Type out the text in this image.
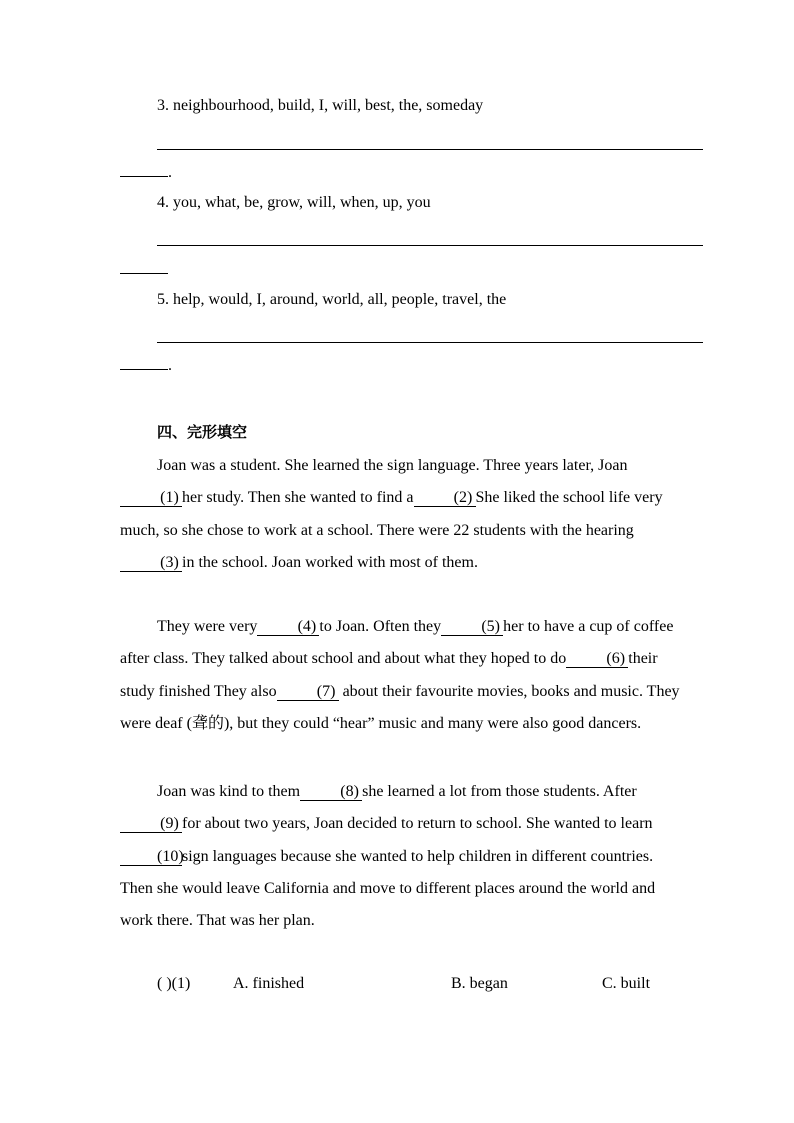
3. neighbourhood, build, I, will, best, the, someday
.
4. you, what, be, grow, will, when, up, you
5. help, would, I, around, world, all, people, travel, the
.
四、完形填空

Joan was a student. She learned the sign language. Three years later, Joan(1) her study. Then she wanted to find a	(2) She liked the school life very much, so she chose to work at a school. There were 22 students with the hearing (3) in the school. Joan worked with most of them.

They were very	(4) to Joan. Often they	(5) her to have a cup of coffee after class. They talked about school and about what they hoped to do	(6) their study finished They also	(7) about their favourite movies, books and music. They were deaf (聋的), but they could “hear” music and many were also good dancers.

Joan was kind to them	(8) she learned a lot from those students. After(9) for about two years, Joan decided to return to school. She wanted to learn (10)sign languages because she wanted to help children in different countries. Then she would leave California and move to different places around the world and work there. That was her plan.

( )(1)	A. finished	B. began	C. built
